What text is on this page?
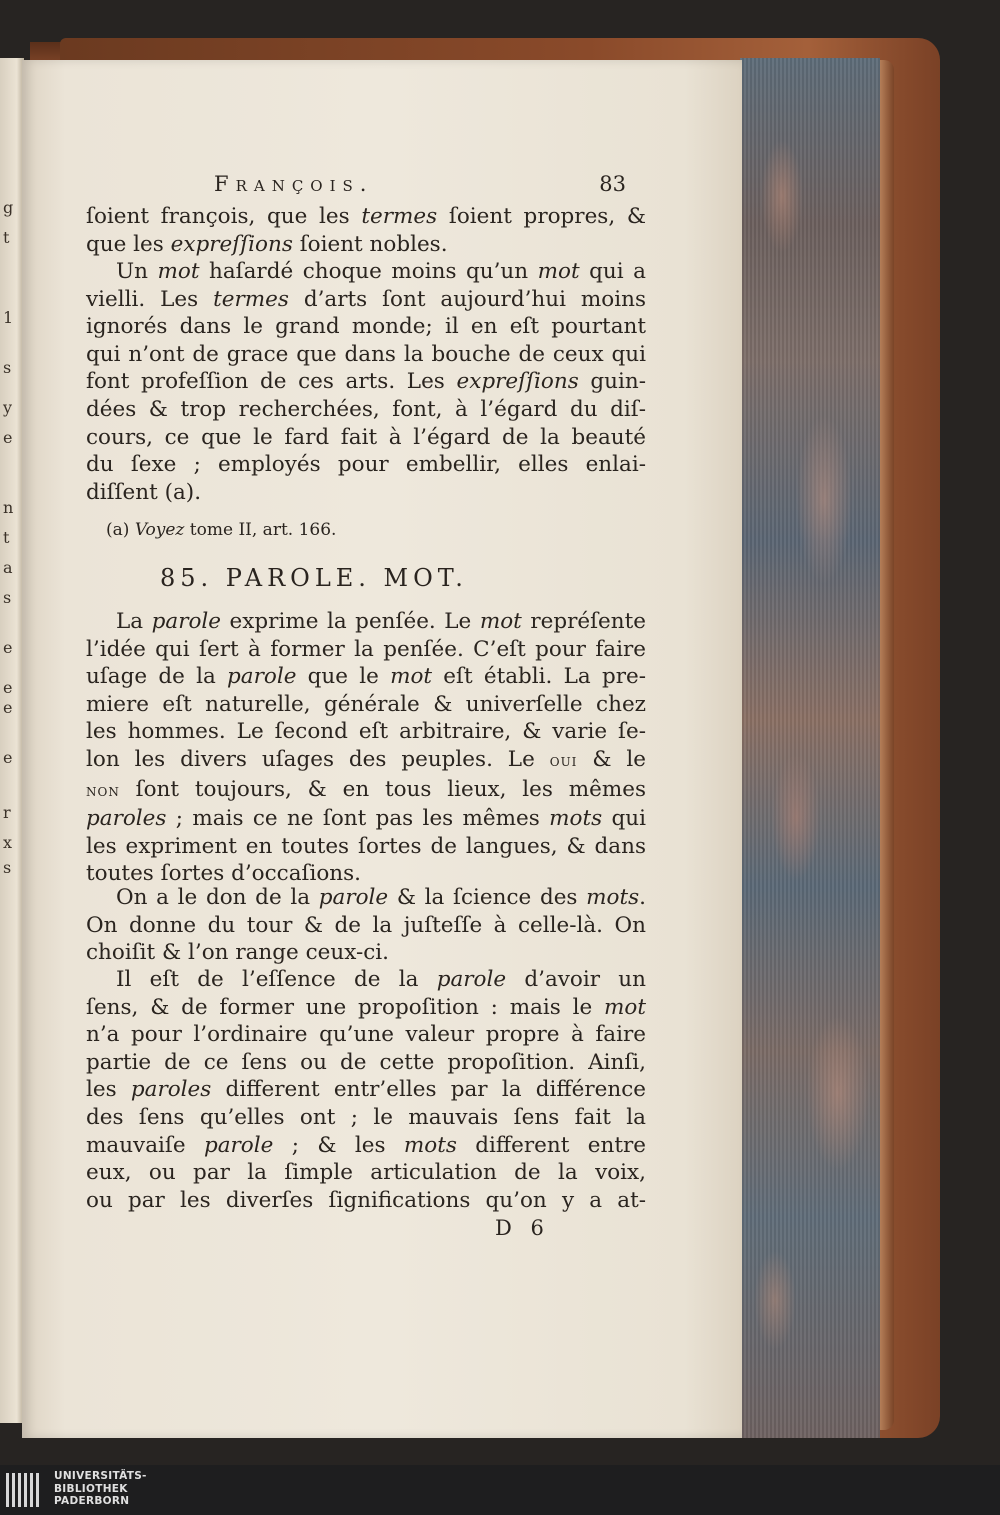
g
t
1
s
y
e
n
t
a
s
e
e
e
e
r
x
s
François.	83
ſoient françois, que les termes ſoient propres, &
que les expreſſions ſoient nobles.
Un mot haſardé choque moins qu’un mot qui a
vielli. Les termes d’arts ſont aujourd’hui moins
ignorés dans le grand monde; il en eſt pourtant
qui n’ont de grace que dans la bouche de ceux qui
font profeſſion de ces arts. Les expreſſions guin-
dées & trop recherchées, font, à l’égard du diſ-
cours, ce que le fard fait à l’égard de la beauté
du ſexe ; employés pour embellir, elles enlai-
diſſent (a).
(a) Voyez tome II, art. 166.
85. PAROLE. MOT.
La parole exprime la penſée. Le mot repréſente
l’idée qui ſert à former la penſée. C’eſt pour faire
uſage de la parole que le mot eſt établi. La pre-
miere eſt naturelle, générale & univerſelle chez
les hommes. Le ſecond eſt arbitraire, & varie ſe-
lon les divers uſages des peuples. Le oui & le
non ſont toujours, & en tous lieux, les mêmes
paroles ; mais ce ne ſont pas les mêmes mots qui
les expriment en toutes ſortes de langues, & dans
toutes ſortes d’occaſions.
On a le don de la parole & la ſcience des mots.
On donne du tour & de la juſteſſe à celle-là. On
choiſit & l’on range ceux-ci.
Il eſt de l’eſſence de la parole d’avoir un
ſens, & de former une propoſition : mais le mot
n’a pour l’ordinaire qu’une valeur propre à faire
partie de ce ſens ou de cette propoſition. Ainſi,
les paroles different entr’elles par la différence
des ſens qu’elles ont ; le mauvais ſens fait la
mauvaiſe parole ; & les mots different entre
eux, ou par la ſimple articulation de la voix,
ou par les diverſes ſignifications qu’on y a at-
D 6
UNIVERSITÄTS-
BIBLIOTHEK
PADERBORN
